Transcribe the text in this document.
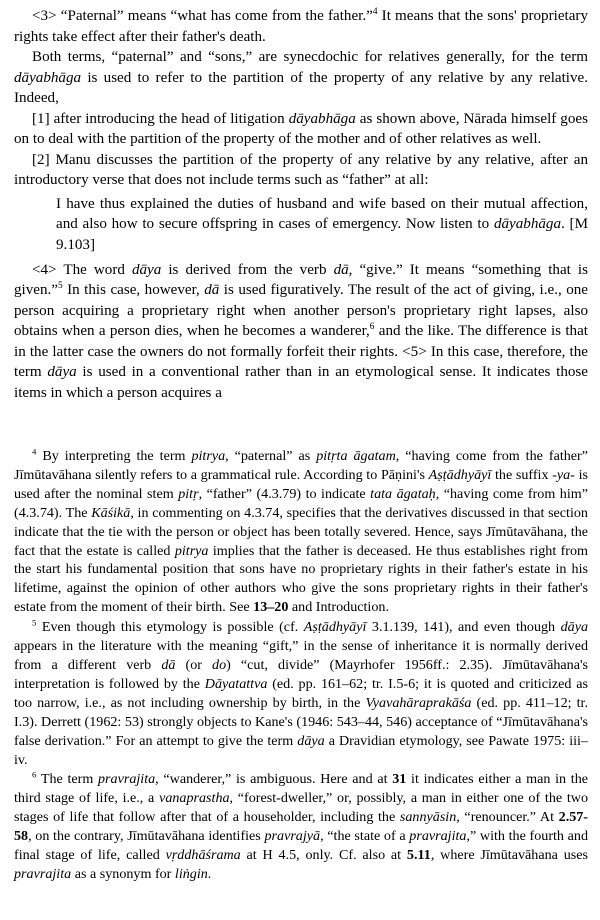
<3> “Paternal” means “what has come from the father.”$^4$ It means that the sons' proprietary rights take effect after their father's death.

Both terms, “paternal” and “sons,” are synecdochic for relatives generally, for the term dāyabhāga is used to refer to the partition of the property of any relative by any relative. Indeed,

[1] after introducing the head of litigation dāyabhāga as shown above, Nārada himself goes on to deal with the partition of the property of the mother and of other relatives as well.

[2] Manu discusses the partition of the property of any relative by any relative, after an introductory verse that does not include terms such as “father” at all:

I have thus explained the duties of husband and wife based on their mutual affection, and also how to secure offspring in cases of emergency. Now listen to dāyabhāga. [M 9.103]

<4> The word dāya is derived from the verb dā, “give.” It means “something that is given.”$^5$ In this case, however, dā is used figuratively. The result of the act of giving, i.e., one person acquiring a proprietary right when another person's proprietary right lapses, also obtains when a person dies, when he becomes a wanderer,$^6$ and the like. The difference is that in the latter case the owners do not formally forfeit their rights. <5> In this case, therefore, the term dāya is used in a conventional rather than in an etymological sense. It indicates those items in which a person acquires a

$^4$ By interpreting the term pitrya, “paternal” as pitṛta āgatam, “having come from the father” Jīmūtavāhana silently refers to a grammatical rule. According to Pāṇini's Aṣṭādhyāyī the suffix -ya- is used after the nominal stem pitṛ, “father” (4.3.79) to indicate tata āgataḥ, “having come from him” (4.3.74). The Kāśikā, in commenting on 4.3.74, specifies that the derivatives discussed in that section indicate that the tie with the person or object has been totally severed. Hence, says Jīmūtavāhana, the fact that the estate is called pitrya implies that the father is deceased. He thus establishes right from the start his fundamental position that sons have no proprietary rights in their father's estate in his lifetime, against the opinion of other authors who give the sons proprietary rights in their father's estate from the moment of their birth. See 13–20 and Introduction.

$^5$ Even though this etymology is possible (cf. Aṣṭādhyāyī 3.1.139, 141), and even though dāya appears in the literature with the meaning “gift,” in the sense of inheritance it is normally derived from a different verb dā (or do) “cut, divide” (Mayrhofer 1956ff.: 2.35). Jīmūtavāhana's interpretation is followed by the Dāyatattva (ed. pp. 161–62; tr. I.5-6; it is quoted and criticized as too narrow, i.e., as not including ownership by birth, in the Vyavahāraprakāśa (ed. pp. 411–12; tr. I.3). Derrett (1962: 53) strongly objects to Kane's (1946: 543–44, 546) acceptance of “Jīmūtavāhana's false derivation.” For an attempt to give the term dāya a Dravidian etymology, see Pawate 1975: iii–iv.

$^6$ The term pravrajita, “wanderer,” is ambiguous. Here and at 31 it indicates either a man in the third stage of life, i.e., a vanaprastha, “forest-dweller,” or, possibly, a man in either one of the two stages of life that follow after that of a householder, including the sannyāsin, “renouncer.” At 2.57-58, on the contrary, Jīmūtavāhana identifies pravrajyā, “the state of a pravrajita,” with the fourth and final stage of life, called vṛddhāśrama at H 4.5, only. Cf. also at 5.11, where Jīmūtavāhana uses pravrajita as a synonym for liṅgin.
